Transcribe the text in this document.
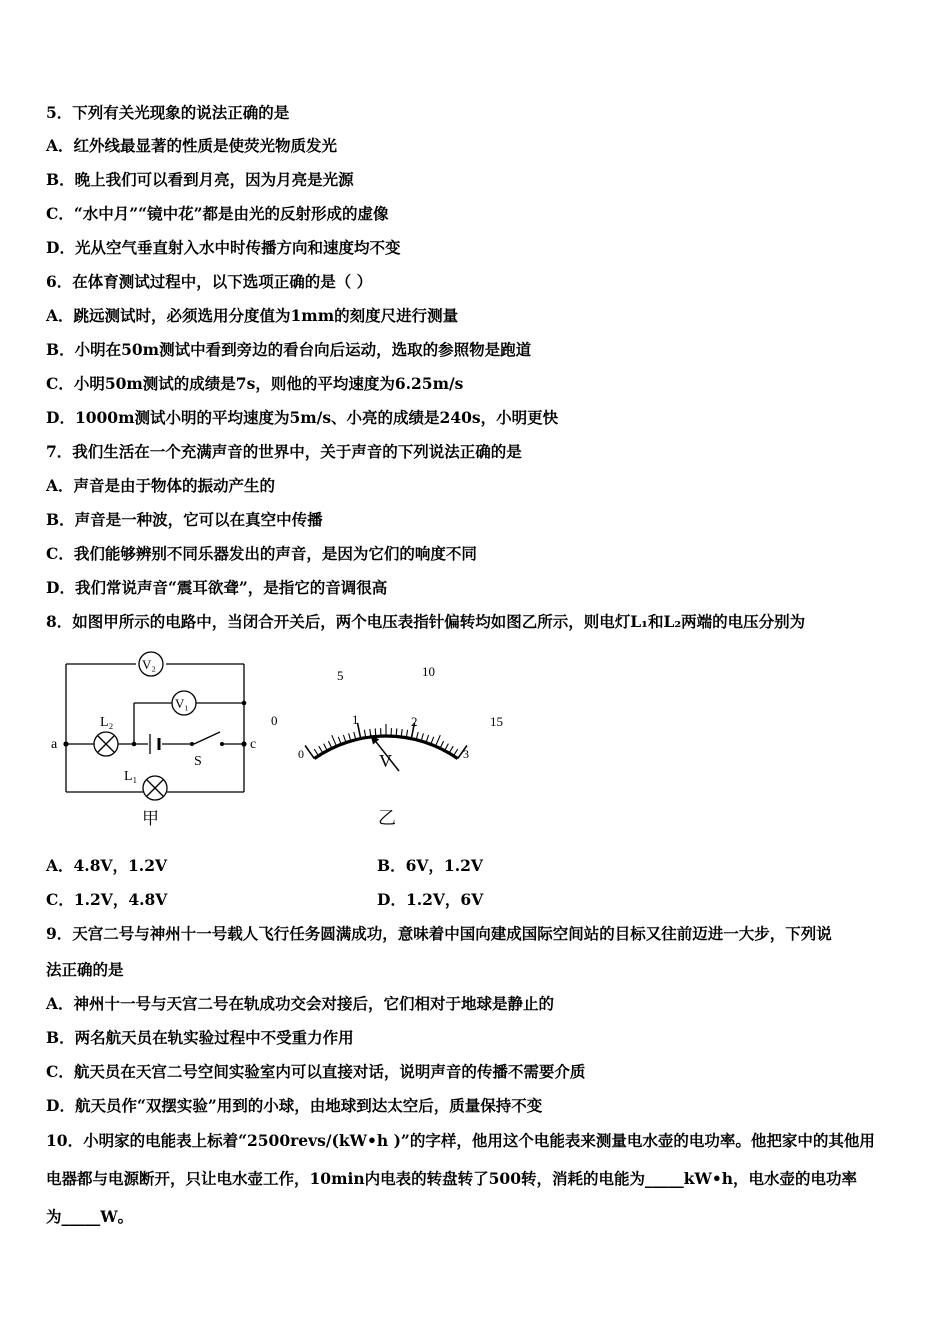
5．下列有关光现象的说法正确的是
A．红外线最显著的性质是使荧光物质发光
B．晚上我们可以看到月亮，因为月亮是光源
C．“水中月”“镜中花”都是由光的反射形成的虚像
D．光从空气垂直射入水中时传播方向和速度均不变
6．在体育测试过程中，以下选项正确的是（ ）
A．跳远测试时，必须选用分度值为1mm的刻度尺进行测量
B．小明在50m测试中看到旁边的看台向后运动，选取的参照物是跑道
C．小明50m测试的成绩是7s，则他的平均速度为6.25m/s
D．1000m测试小明的平均速度为5m/s、小亮的成绩是240s，小明更快
7．我们生活在一个充满声音的世界中，关于声音的下列说法正确的是
A．声音是由于物体的振动产生的
B．声音是一种波，它可以在真空中传播
C．我们能够辨别不同乐器发出的声音，是因为它们的响度不同
D．我们常说声音“震耳欲聋”，是指它的音调很高
8．如图甲所示的电路中，当闭合开关后，两个电压表指针偏转均如图乙所示，则电灯L₁和L₂两端的电压分别为
V₂
V₁
L₂
L₁
a	c
S
甲
0
5	10
15
0
1	2
3
V
乙
A．4.8V，1.2V	B．6V，1.2V
C．1.2V，4.8V	D．1.2V，6V
9．天宫二号与神州十一号载人飞行任务圆满成功，意味着中国向建成国际空间站的目标又往前迈进一大步，下列说
法正确的是
A．神州十一号与天宫二号在轨成功交会对接后，它们相对于地球是静止的
B．两名航天员在轨实验过程中不受重力作用
C．航天员在天宫二号空间实验室内可以直接对话，说明声音的传播不需要介质
D．航天员作“双摆实验”用到的小球，由地球到达太空后，质量保持不变
10．小明家的电能表上标着“2500revs/(kW•h )”的字样，他用这个电能表来测量电水壶的电功率。他把家中的其他用
电器都与电源断开，只让电水壶工作，10min内电表的转盘转了500转，消耗的电能为_____kW•h，电水壶的电功率
为_____W。
